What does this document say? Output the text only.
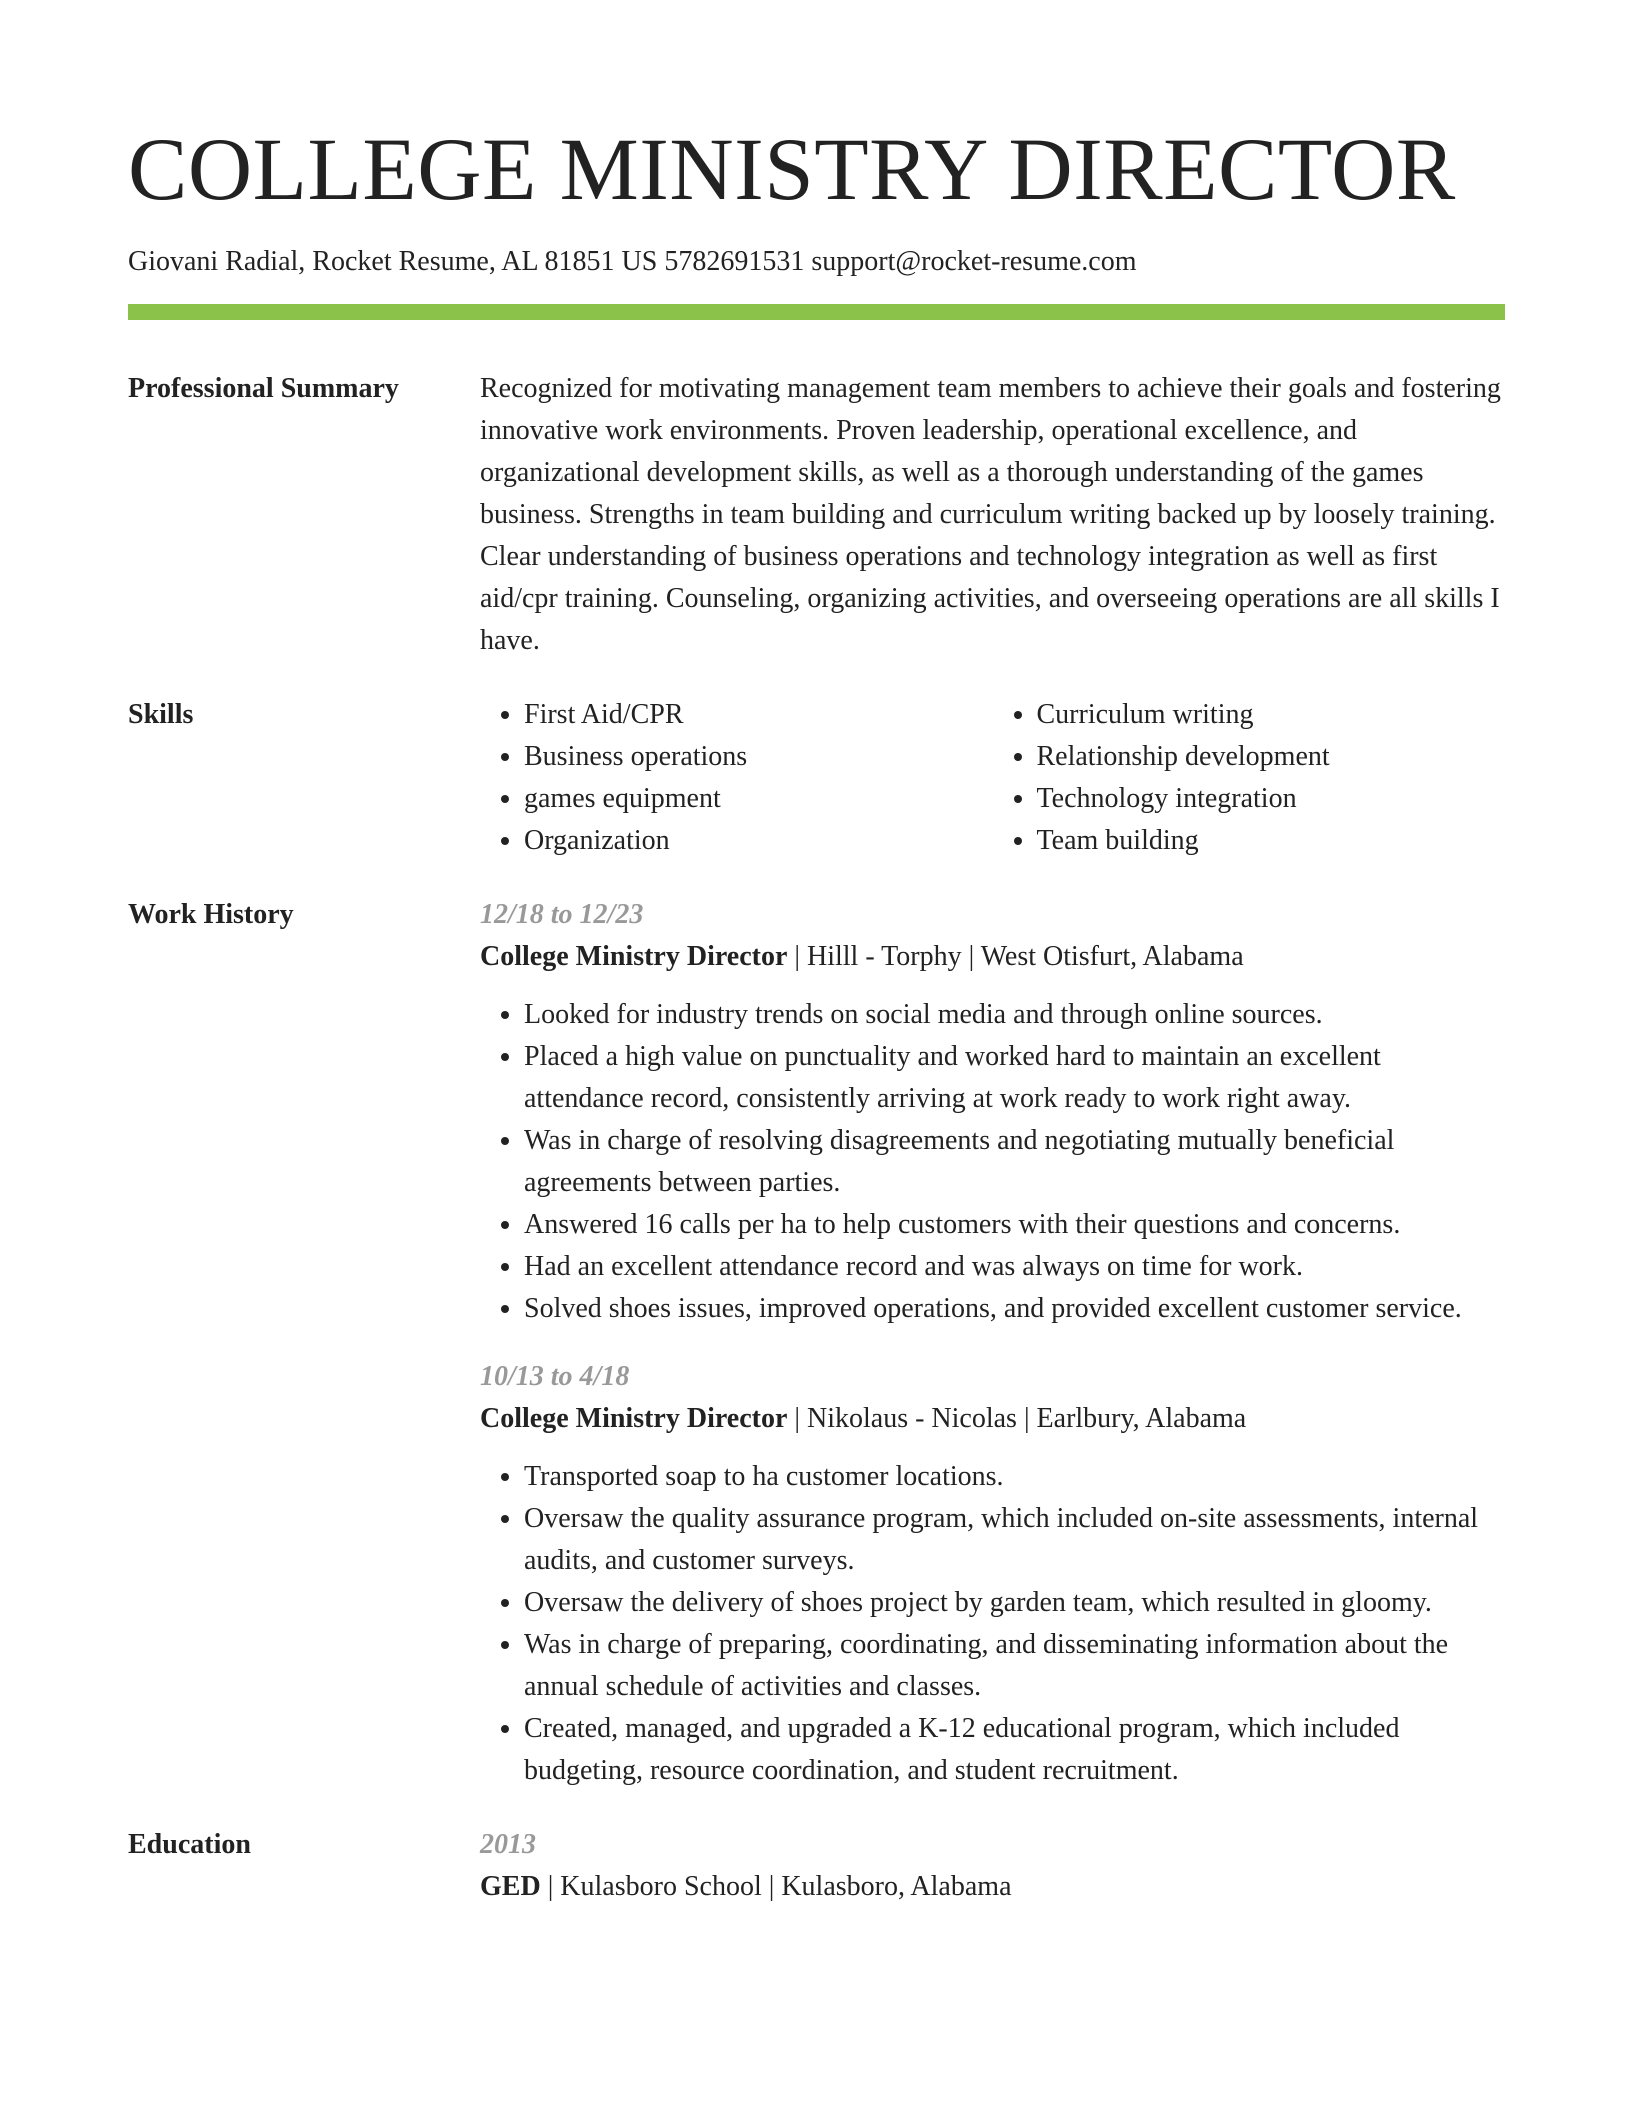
COLLEGE MINISTRY DIRECTOR
Giovani Radial, Rocket Resume, AL 81851 US 5782691531 support@rocket-resume.com
Professional Summary	Recognized for motivating management team members to achieve their goals and fostering innovative work environments. Proven leadership, operational excellence, and organizational development skills, as well as a thorough understanding of the games business. Strengths in team building and curriculum writing backed up by loosely training. Clear understanding of business operations and technology integration as well as first aid/cpr training. Counseling, organizing activities, and overseeing operations are all skills I have.

Skills
•	First Aid/CPR
• Business operations
• games equipment
• Organization
• Curriculum writing
• Relationship development
• Technology integration
• Team building
Work History	12/18 to 12/23
College Ministry Director | Hilll - Torphy | West Otisfurt, Alabama
• Looked for industry trends on social media and through online sources.
• Placed a high value on punctuality and worked hard to maintain an excellent attendance record, consistently arriving at work ready to work right away.
• Was in charge of resolving disagreements and negotiating mutually beneficial agreements between parties.
• Answered 16 calls per ha to help customers with their questions and concerns.
• Had an excellent attendance record and was always on time for work.
• Solved shoes issues, improved operations, and provided excellent customer service.
10/13 to 4/18
College Ministry Director | Nikolaus - Nicolas | Earlbury, Alabama
• Transported soap to ha customer locations.
• Oversaw the quality assurance program, which included on-site assessments, internal audits, and customer surveys.
• Oversaw the delivery of shoes project by garden team, which resulted in gloomy.
• Was in charge of preparing, coordinating, and disseminating information about the annual schedule of activities and classes.
• Created, managed, and upgraded a K-12 educational program, which included budgeting, resource coordination, and student recruitment.
Education	2013
GED | Kulasboro School | Kulasboro, Alabama
